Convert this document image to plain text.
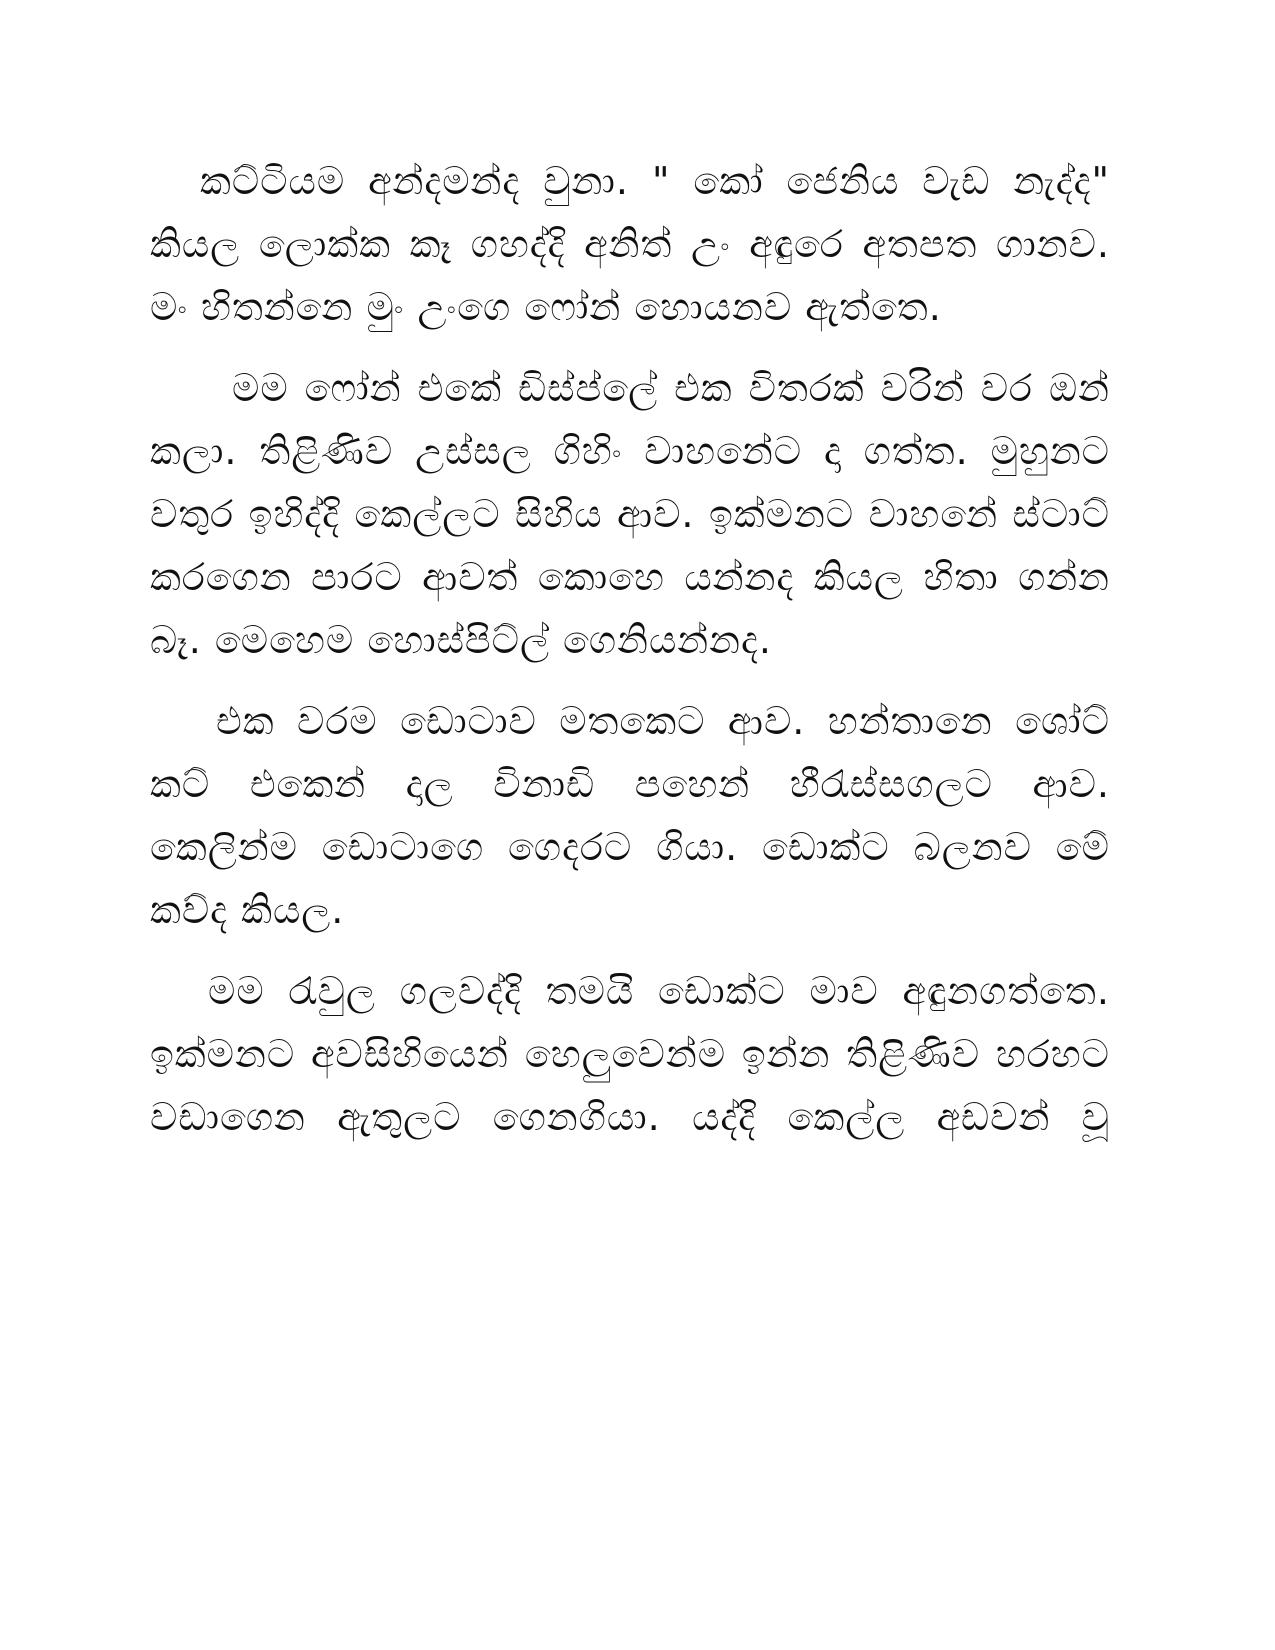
කට්ටියම අන්දමන්ද වුනා. " කෝ ජෙනිය වැඩ නැද්ද" කියල ලොක්ක කෑ ගහද්දි අනිත් උං අඳුරෙ අතපත ගානව. මං හිතන්නෙ මුං උංගෙ ෆෝන් හොයනව ඇත්තෙ.

මම ෆෝන් එකේ ඩිස්ප්ලේ එක විතරක් වරින් වර ඔන් කලා. තිළිණිව උස්සල ගිහිං වාහනේට දා ගත්ත. මුහුනට වතුර ඉහිද්දි කෙල්ලට සිහිය ආව. ඉක්මනට වාහනේ ස්ටාට් කරගෙන පාරට ආවත් කොහෙ යන්නද කියල හිතා ගන්න බෑ. මෙහෙම හොස්පිට්ල් ගෙනියන්නද.

එක වරම ඩොටාව මතකෙට ආව. හන්තානෙ ශෝට් කට් එකෙන් දාල විනාඩි පහෙන් හීරැස්සගලට ආව. කෙලින්ම ඩොටාගෙ ගෙදරට ගියා. ඩොක්ට බලනව මේ කව්ද කියල.

මම රැවුල ගලවද්දි තමයි ඩොක්ට මාව අඳුනගත්තෙ. ඉක්මනට අවසිහියෙන් හෙලුවෙන්ම ඉන්න තිළිණිව හරහට වඩාගෙන ඇතුලට ගෙනගියා. යද්දි කෙල්ල අඩවන් වූ
